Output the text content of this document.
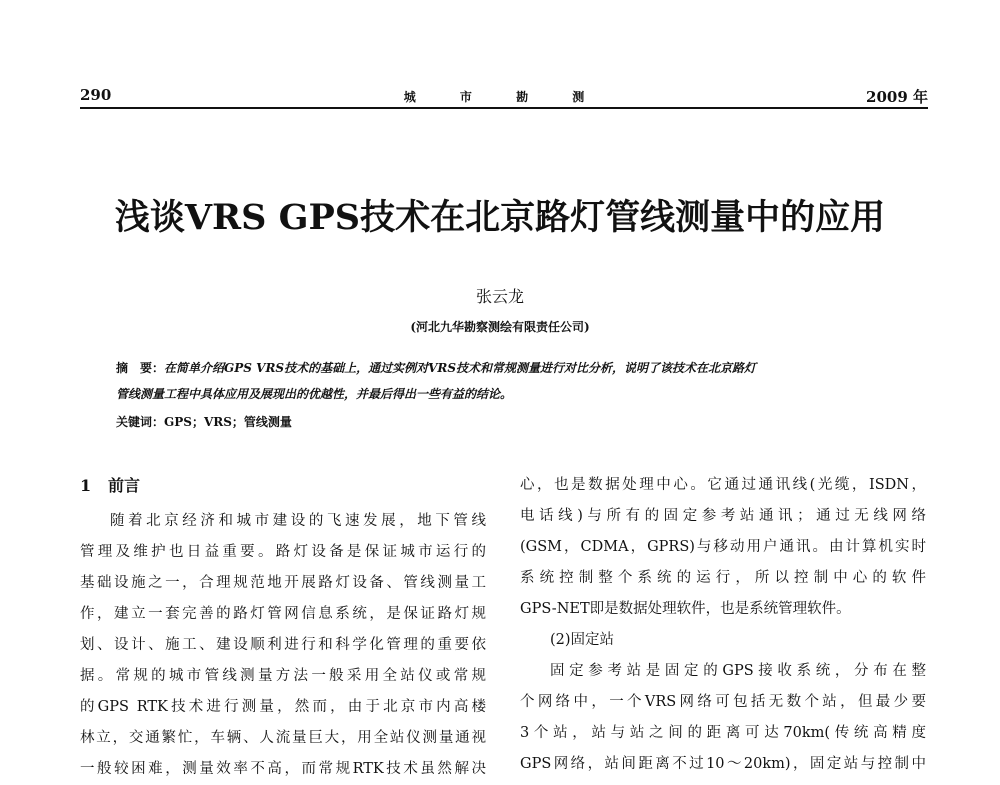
290	城 市 勘 测	2009 年
浅谈VRS GPS技术在北京路灯管线测量中的应用
张云龙
(河北九华勘察测绘有限责任公司)
摘　要：在简单介绍GPS VRS技术的基础上，通过实例对VRS技术和常规测量进行对比分析，说明了该技术在北京路灯
管线测量工程中具体应用及展现出的优越性，并最后得出一些有益的结论。
关键词：GPS；VRS；管线测量
1 前言
随着北京经济和城市建设的飞速发展，地下管线
管理及维护也日益重要。路灯设备是保证城市运行的
基础设施之一，合理规范地开展路灯设备、管线测量工
作，建立一套完善的路灯管网信息系统，是保证路灯规
划、设计、施工、建设顺利进行和科学化管理的重要依
据。常规的城市管线测量方法一般采用全站仪或常规
的GPS RTK技术进行测量，然而，由于北京市内高楼
林立，交通繁忙，车辆、人流量巨大，用全站仪测量通视
一般较困难，测量效率不高，而常规RTK技术虽然解决
心，也是数据处理中心。它通过通讯线(光缆，ISDN，
电话线)与所有的固定参考站通讯；通过无线网络
(GSM，CDMA，GPRS)与移动用户通讯。由计算机实时
系统控制整个系统的运行，所以控制中心的软件
GPS-NET即是数据处理软件，也是系统管理软件。
(2)固定站
固定参考站是固定的GPS接收系统，分布在整
个网络中，一个VRS网络可包括无数个站，但最少要
3个站，站与站之间的距离可达70km(传统高精度
GPS网络，站间距离不过10～20km)，固定站与控制中
